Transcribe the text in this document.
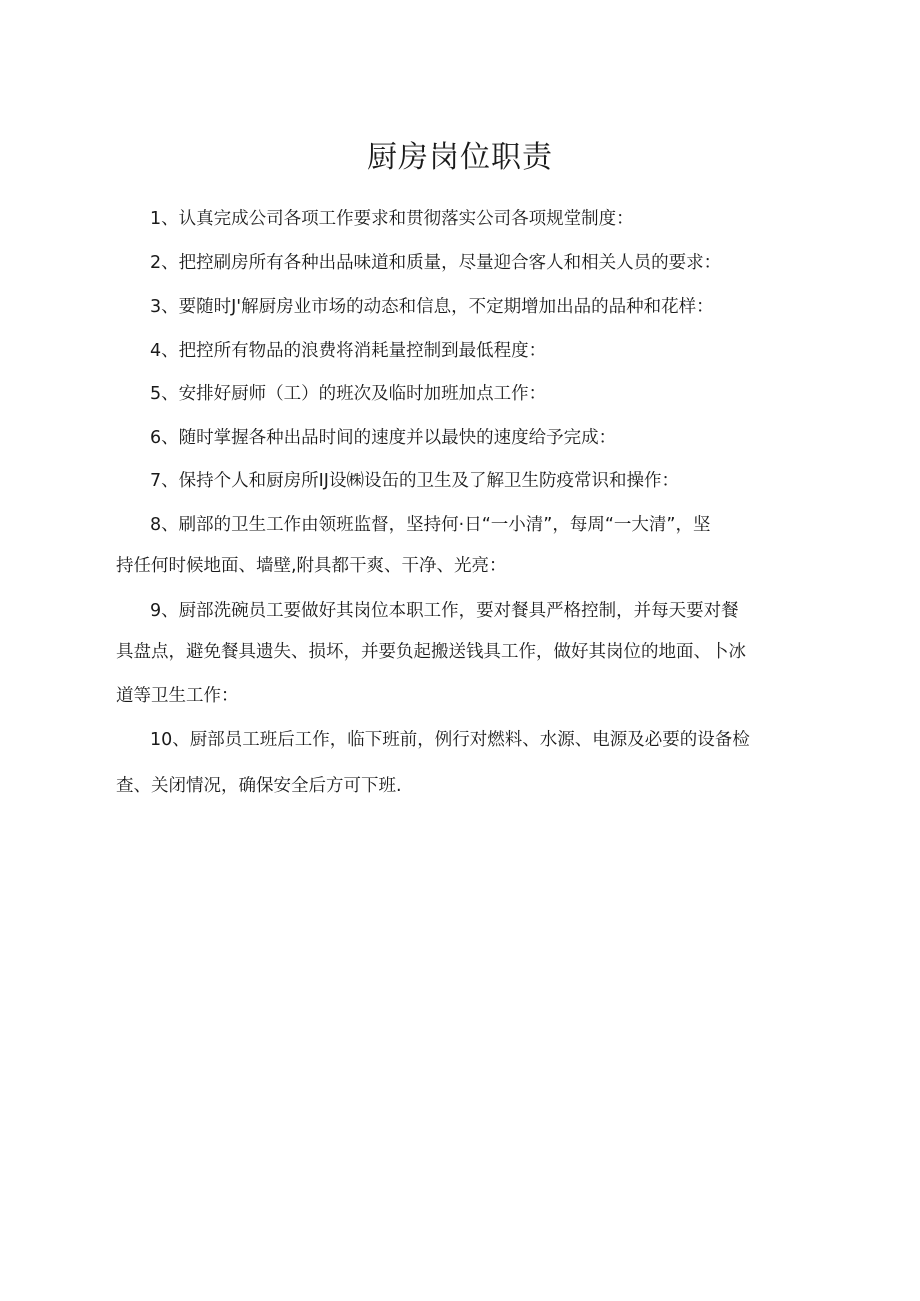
厨房岗位职责

1、认真完成公司各项工作要求和贯彻落实公司各项规堂制度：

2、把控刷房所有各种出品味道和质量，尽量迎合客人和相关人员的要求：

3、要随时J'解厨房业市场的动态和信息，不定期增加出品的品种和花样：

4、把控所有物品的浪费将消耗量控制到最低程度：

5、安排好厨师（工）的班次及临时加班加点工作：

6、随时掌握各种出品时间的速度并以最快的速度给予完成：

7、保持个人和厨房所IJ设㈱设缶的卫生及了解卫生防疫常识和操作：

8、刷部的卫生工作由领班监督，坚持何·日“一小清”，每周“一大清”，坚

持任何时候地面、墙壁,附具都干爽、干净、光亮：

9、厨部洗碗员工要做好其岗位本职工作，要对餐具严格控制，并每天要对餐

具盘点，避免餐具遗失、损坏，并要负起搬送钱具工作，做好其岗位的地面、卜冰

道等卫生工作：

10、厨部员工班后工作，临下班前，例行对燃料、水源、电源及必要的设备检

查、关闭情况，确保安全后方可下班.
